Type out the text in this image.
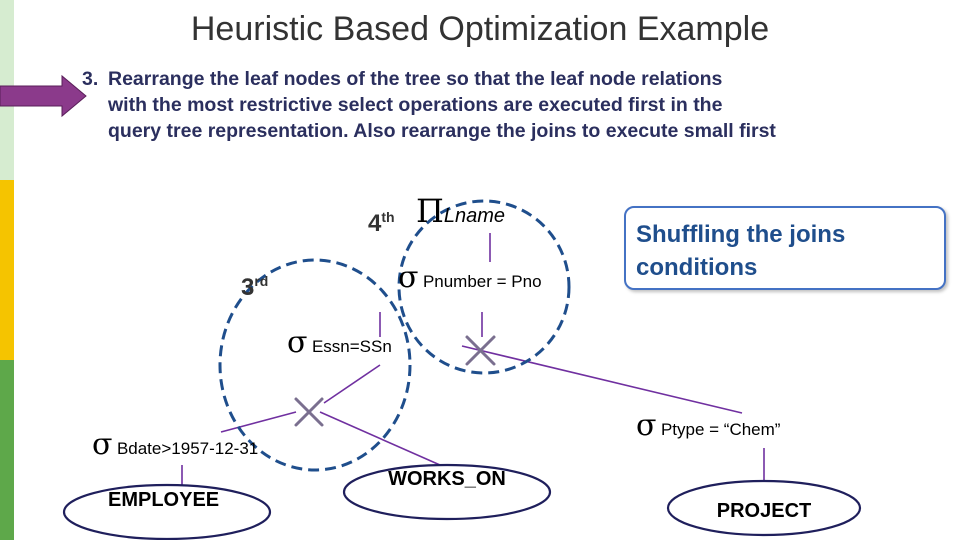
Heuristic Based Optimization Example
3. Rearrange the leaf nodes of the tree so that the leaf node relations
with the most restrictive select operations are executed first in the
query tree representation. Also rearrange the joins to execute small first
Shuffling the joins conditions
4th
3rd
ΠLname
σ Pnumber = Pno
σ Essn=SSn
σ Bdate>1957-12-31
σ Ptype = “Chem”
EMPLOYEE
WORKS_ON
PROJECT
